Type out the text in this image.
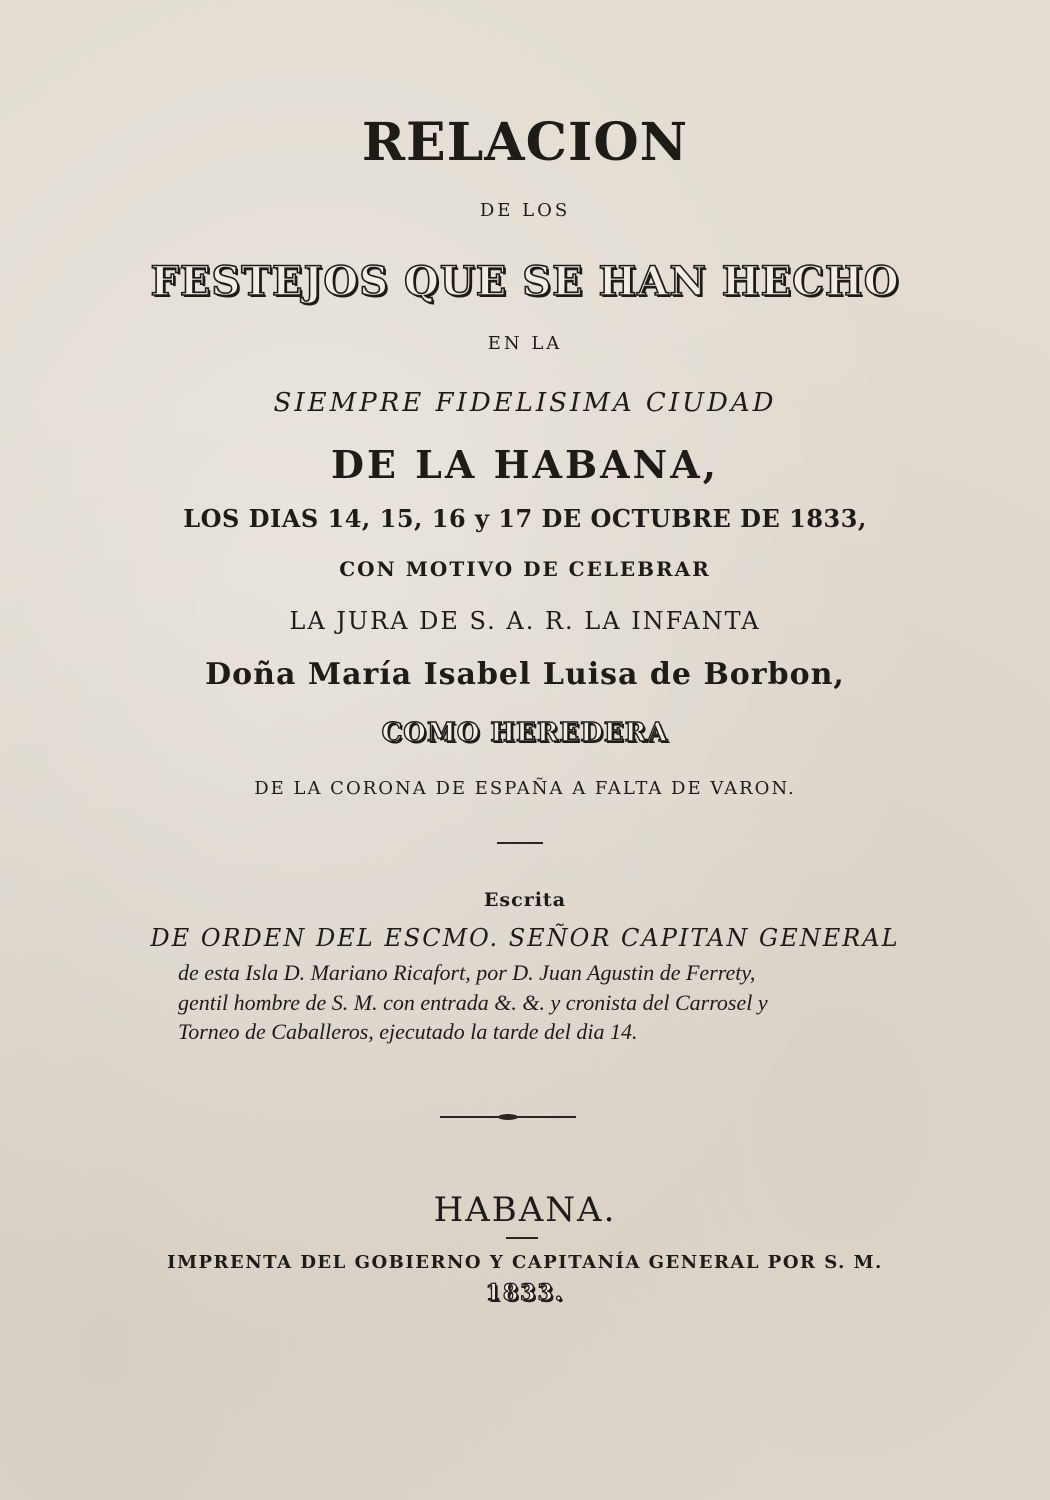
RELACION
DE LOS
FESTEJOS QUE SE HAN HECHO
EN LA
SIEMPRE FIDELISIMA CIUDAD
DE LA HABANA,
LOS DIAS 14, 15, 16 y 17 DE OCTUBRE DE 1833,
CON MOTIVO DE CELEBRAR
LA JURA DE S. A. R. LA INFANTA
Doña María Isabel Luisa de Borbon,
COMO HEREDERA
DE LA CORONA DE ESPAÑA A FALTA DE VARON.
Escrita
DE ORDEN DEL ESCMO. SEÑOR CAPITAN GENERAL
de esta Isla D. Mariano Ricafort, por D. Juan Agustin de Ferrety,
gentil hombre de S. M. con entrada &. &. y cronista del Carrosel y
Torneo de Caballeros, ejecutado la tarde del dia 14.
HABANA.
IMPRENTA DEL GOBIERNO Y CAPITANÍA GENERAL POR S. M.
1833.
